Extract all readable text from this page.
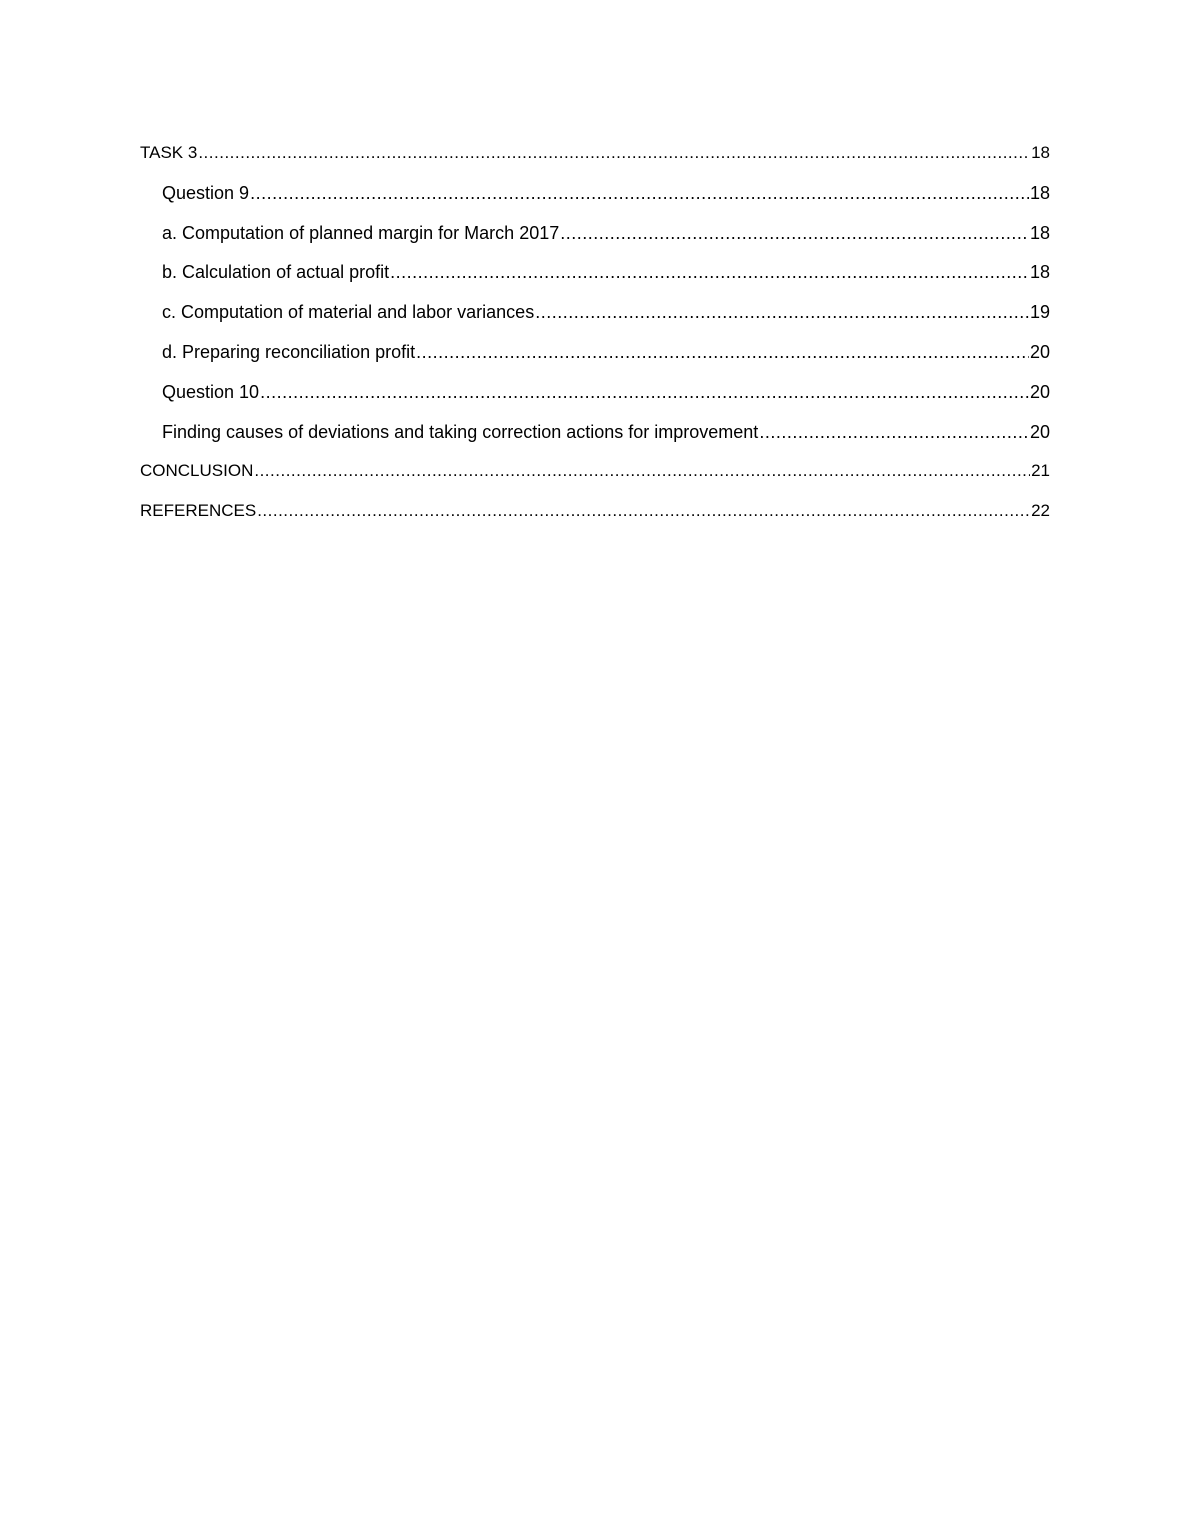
TASK 3 .....	18
Question 9 .....	18
a. Computation of planned margin for March 2017 .....	18
b. Calculation of actual profit .....	18
c. Computation of material and labor variances .....	19
d. Preparing reconciliation profit .....	20
Question 10 .....	20
Finding causes of deviations and taking correction actions for improvement .....	20
CONCLUSION .....	21
REFERENCES .....	22
